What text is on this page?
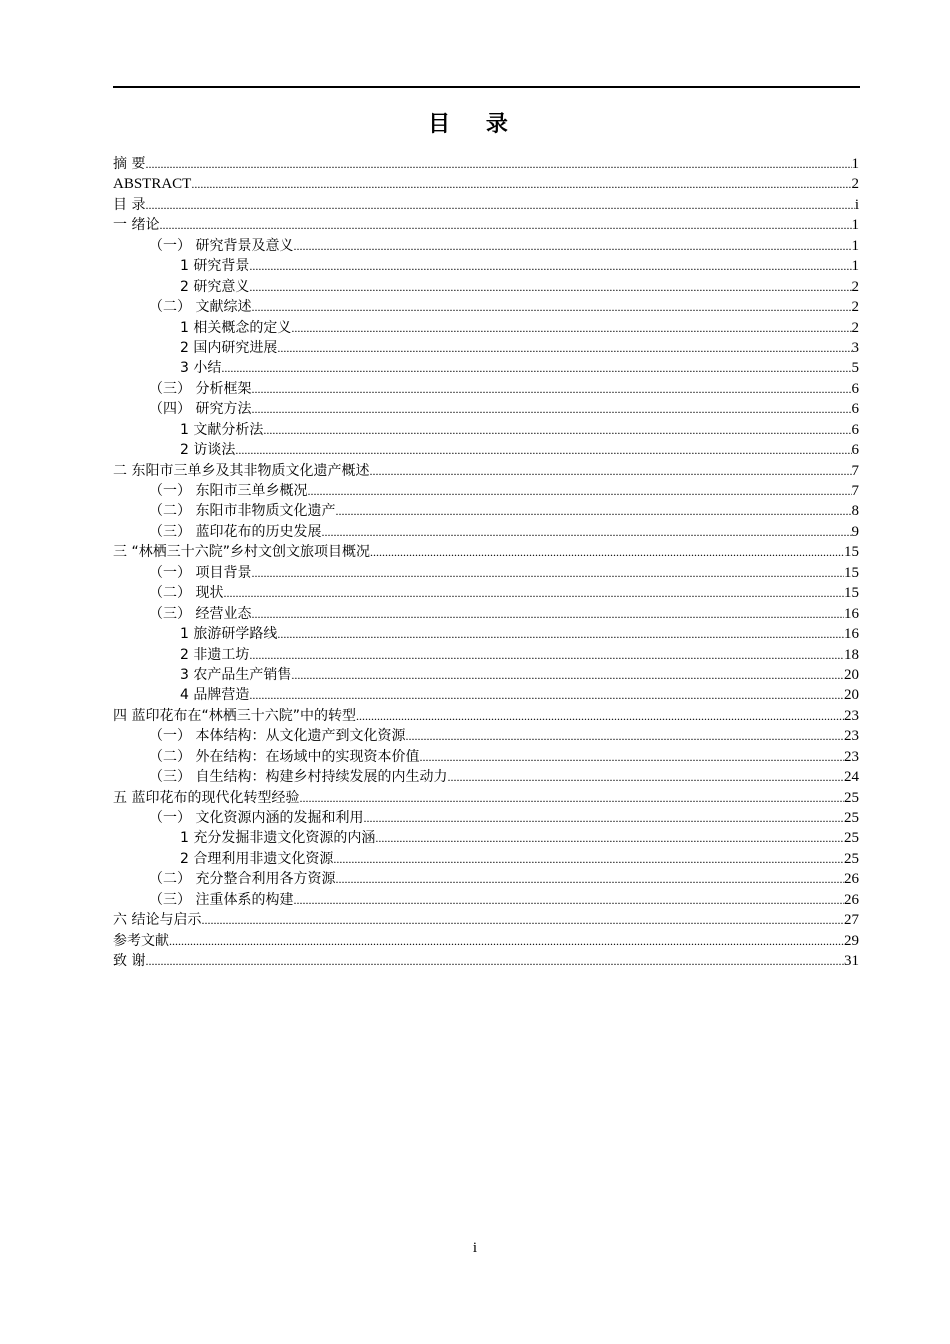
目 录
摘 要 .....	1
ABSTRACT .....	2
目 录 .....	i
一 绪论 .....	1
（一） 研究背景及意义 .....	1
1 研究背景 .....	1
2 研究意义 .....	2
（二） 文献综述 .....	2
1 相关概念的定义 .....	2
2 国内研究进展 .....	3
3 小结 .....	5
（三） 分析框架 .....	6
（四） 研究方法 .....	6
1 文献分析法 .....	6
2 访谈法 .....	6
二 东阳市三单乡及其非物质文化遗产概述 .....	7
（一） 东阳市三单乡概况 .....	7
（二） 东阳市非物质文化遗产 .....	8
（三） 蓝印花布的历史发展 .....	9
三 “林栖三十六院”乡村文创文旅项目概况 .....	15
（一） 项目背景 .....	15
（二） 现状 .....	15
（三） 经营业态 .....	16
1 旅游研学路线 .....	16
2 非遗工坊 .....	18
3 农产品生产销售 .....	20
4 品牌营造 .....	20
四 蓝印花布在“林栖三十六院”中的转型 .....	23
（一） 本体结构：从文化遗产到文化资源 .....	23
（二） 外在结构：在场域中的实现资本价值 .....	23
（三） 自生结构：构建乡村持续发展的内生动力 .....	24
五 蓝印花布的现代化转型经验 .....	25
（一） 文化资源内涵的发掘和利用 .....	25
1 充分发掘非遗文化资源的内涵 .....	25
2 合理利用非遗文化资源 .....	25
（二） 充分整合利用各方资源 .....	26
（三） 注重体系的构建 .....	26
六 结论与启示 .....	27
参考文献 .....	29
致 谢 .....	31
i
